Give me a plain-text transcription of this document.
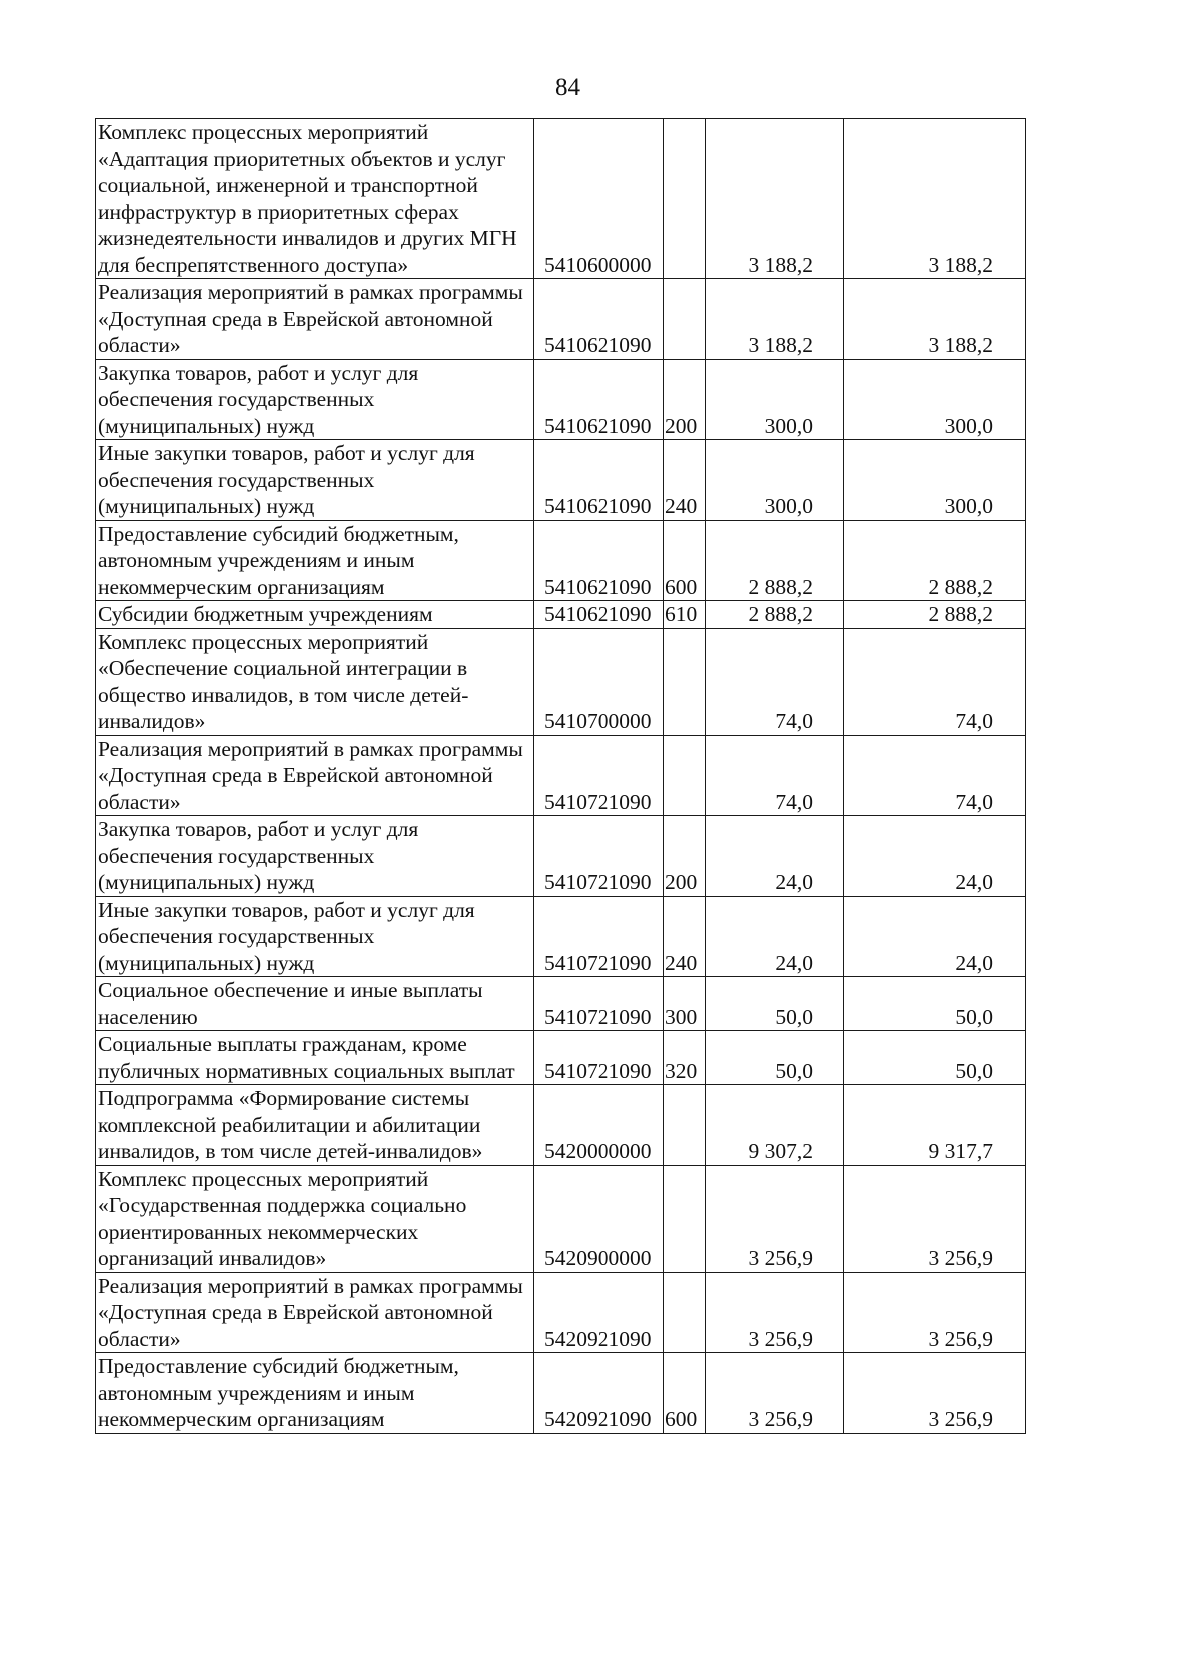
84
Комплекс процессных мероприятий «Адаптация приоритетных объектов и услуг социальной, инженерной и транспортной инфраструктур в приоритетных сферах жизнедеятельности инвалидов и других МГН для беспрепятственного доступа»	5410600000		3 188,2	3 188,2
Реализация мероприятий в рамках программы «Доступная среда в Еврейской автономной области»	5410621090		3 188,2	3 188,2
Закупка товаров, работ и услуг для обеспечения государственных (муниципальных) нужд	5410621090	200	300,0	300,0
Иные закупки товаров, работ и услуг для обеспечения государственных (муниципальных) нужд	5410621090	240	300,0	300,0
Предоставление субсидий бюджетным, автономным учреждениям и иным некоммерческим организациям	5410621090	600	2 888,2	2 888,2
Субсидии бюджетным учреждениям	5410621090	610	2 888,2	2 888,2
Комплекс процессных мероприятий «Обеспечение социальной интеграции в общество инвалидов, в том числе детей-инвалидов»	5410700000		74,0	74,0
Реализация мероприятий в рамках программы «Доступная среда в Еврейской автономной области»	5410721090		74,0	74,0
Закупка товаров, работ и услуг для обеспечения государственных (муниципальных) нужд	5410721090	200	24,0	24,0
Иные закупки товаров, работ и услуг для обеспечения государственных (муниципальных) нужд	5410721090	240	24,0	24,0
Социальное обеспечение и иные выплаты населению	5410721090	300	50,0	50,0
Социальные выплаты гражданам, кроме публичных нормативных социальных выплат	5410721090	320	50,0	50,0
Подпрограмма «Формирование системы комплексной реабилитации и абилитации инвалидов, в том числе детей-инвалидов»	5420000000		9 307,2	9 317,7
Комплекс процессных мероприятий «Государственная поддержка социально ориентированных некоммерческих организаций инвалидов»	5420900000		3 256,9	3 256,9
Реализация мероприятий в рамках программы «Доступная среда в Еврейской автономной области»	5420921090		3 256,9	3 256,9
Предоставление субсидий бюджетным, автономным учреждениям и иным некоммерческим организациям	5420921090	600	3 256,9	3 256,9
